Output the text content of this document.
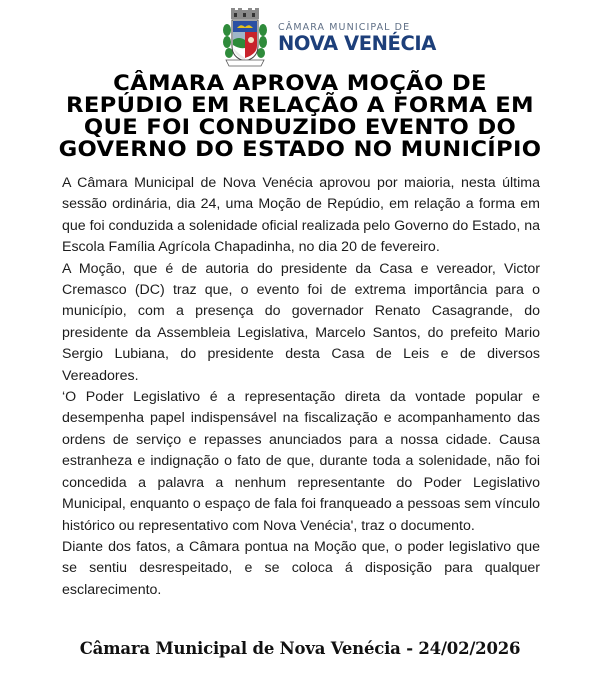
CÂMARA MUNICIPAL DE
NOVA VENÉCIA
CÂMARA APROVA MOÇÃO DE
REPÚDIO EM RELAÇÃO A FORMA EM
QUE FOI CONDUZIDO EVENTO DO
GOVERNO DO ESTADO NO MUNICÍPIO

A Câmara Municipal de Nova Venécia aprovou por maioria, nesta última sessão ordinária, dia 24, uma Moção de Repúdio, em relação a forma em que foi conduzida a solenidade oficial realizada pelo Governo do Estado, na Escola Família Agrícola Chapadinha, no dia 20 de fevereiro.

A Moção, que é de autoria do presidente da Casa e vereador, Victor Cremasco (DC) traz que, o evento foi de extrema importância para o município, com a presença do governador Renato Casagrande, do presidente da Assembleia Legislativa, Marcelo Santos, do prefeito Mario Sergio Lubiana, do presidente desta Casa de Leis e de diversos Vereadores.

‘O Poder Legislativo é a representação direta da vontade popular e desempenha papel indispensável na fiscalização e acompanhamento das ordens de serviço e repasses anunciados para a nossa cidade. Causa estranheza e indignação o fato de que, durante toda a solenidade, não foi concedida a palavra a nenhum representante do Poder Legislativo Municipal, enquanto o espaço de fala foi franqueado a pessoas sem vínculo histórico ou representativo com Nova Venécia', traz o documento.

Diante dos fatos, a Câmara pontua na Moção que, o poder legislativo que se sentiu desrespeitado, e se coloca á disposição para qualquer esclarecimento.

Câmara Municipal de Nova Venécia - 24/02/2026
